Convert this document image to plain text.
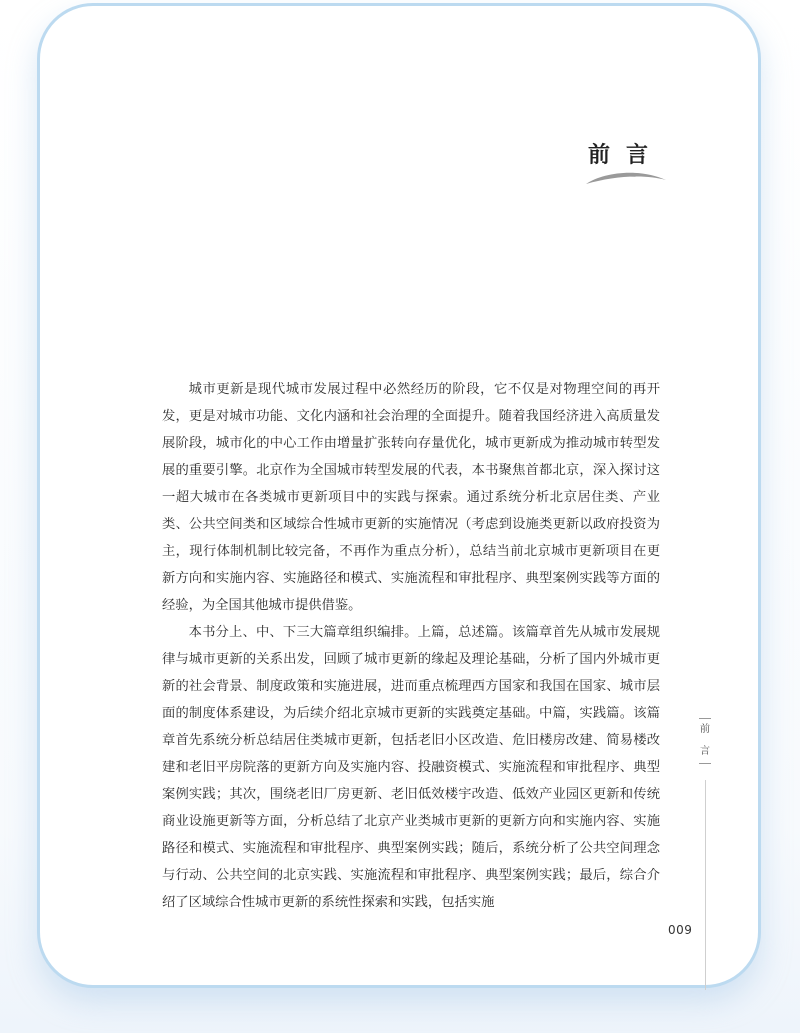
前言

城市更新是现代城市发展过程中必然经历的阶段，它不仅是对物理空间的再开发，更是对城市功能、文化内涵和社会治理的全面提升。随着我国经济进入高质量发展阶段，城市化的中心工作由增量扩张转向存量优化，城市更新成为推动城市转型发展的重要引擎。北京作为全国城市转型发展的代表，本书聚焦首都北京，深入探讨这一超大城市在各类城市更新项目中的实践与探索。通过系统分析北京居住类、产业类、公共空间类和区域综合性城市更新的实施情况（考虑到设施类更新以政府投资为主，现行体制机制比较完备，不再作为重点分析），总结当前北京城市更新项目在更新方向和实施内容、实施路径和模式、实施流程和审批程序、典型案例实践等方面的经验，为全国其他城市提供借鉴。

本书分上、中、下三大篇章组织编排。上篇，总述篇。该篇章首先从城市发展规律与城市更新的关系出发，回顾了城市更新的缘起及理论基础，分析了国内外城市更新的社会背景、制度政策和实施进展，进而重点梳理西方国家和我国在国家、城市层面的制度体系建设，为后续介绍北京城市更新的实践奠定基础。中篇，实践篇。该篇章首先系统分析总结居住类城市更新，包括老旧小区改造、危旧楼房改建、简易楼改建和老旧平房院落的更新方向及实施内容、投融资模式、实施流程和审批程序、典型案例实践；其次，围绕老旧厂房更新、老旧低效楼宇改造、低效产业园区更新和传统商业设施更新等方面，分析总结了北京产业类城市更新的更新方向和实施内容、实施路径和模式、实施流程和审批程序、典型案例实践；随后，系统分析了公共空间理念与行动、公共空间的北京实践、实施流程和审批程序、典型案例实践；最后，综合介绍了区域综合性城市更新的系统性探索和实践，包括实施

前
言
009
